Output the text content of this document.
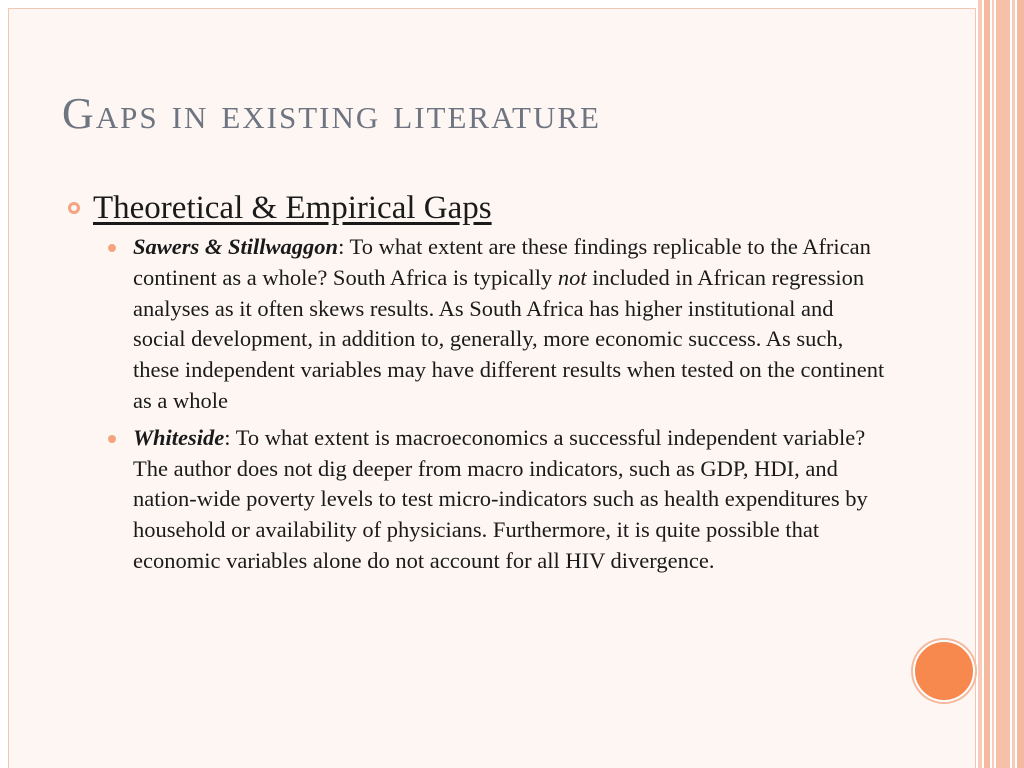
Gaps in existing literature
Theoretical & Empirical Gaps
Sawers & Stillwaggon: To what extent are these findings replicable to the African continent as a whole? South Africa is typically not included in African regression analyses as it often skews results. As South Africa has higher institutional and social development, in addition to, generally, more economic success. As such, these independent variables may have different results when tested on the continent as a whole
Whiteside: To what extent is macroeconomics a successful independent variable? The author does not dig deeper from macro indicators, such as GDP, HDI, and nation-wide poverty levels to test micro-indicators such as health expenditures by household or availability of physicians. Furthermore, it is quite possible that economic variables alone do not account for all HIV divergence.
